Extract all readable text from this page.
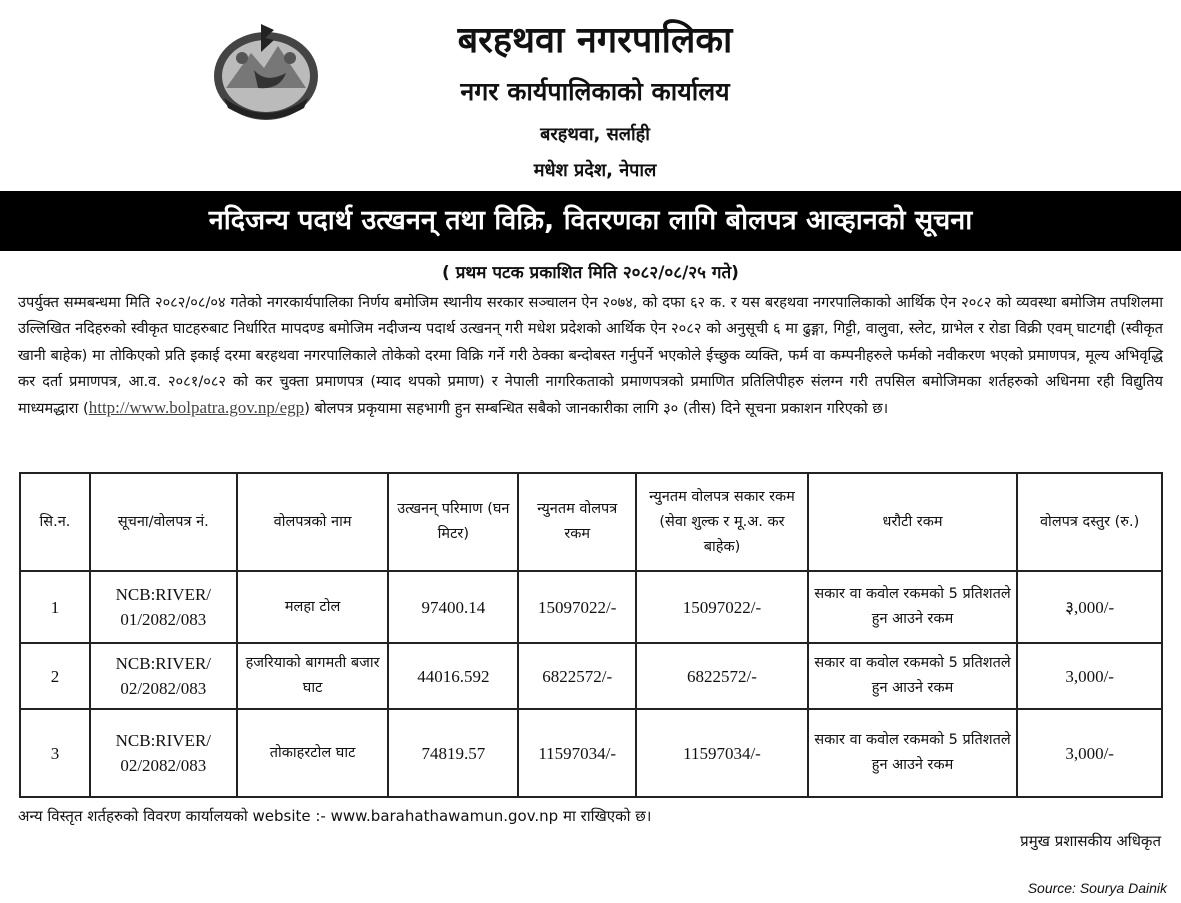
बरहथवा नगरपालिका
नगर कार्यपालिकाको कार्यालय
बरहथवा, सर्लाही
मधेश प्रदेश, नेपाल
नदिजन्य पदार्थ उत्खनन् तथा विक्रि, वितरणका लागि बोलपत्र आव्हानको सूचना
( प्रथम पटक प्रकाशित मिति २०८२/०८/२५ गते)
उपर्युक्त सम्मबन्धमा मिति २०८२/०८/०४ गतेको नगरकार्यपालिका निर्णय बमोजिम स्थानीय सरकार सञ्चालन ऐन २०७४, को दफा ६२ क. र यस बरहथवा नगरपालिकाको आर्थिक ऐन २०८२ को व्यवस्था बमोजिम तपशिलमा उल्लिखित नदिहरुको स्वीकृत घाटहरुबाट निर्धारित मापदण्ड बमोजिम नदीजन्य पदार्थ उत्खनन् गरी मधेश प्रदेशको आर्थिक ऐन २०८२ को अनुसूची ६ मा ढुङ्गा, गिट्टी, वालुवा, स्लेट, ग्राभेल र रोडा विक्री एवम् घाटगद्दी (स्वीकृत खानी बाहेक) मा तोकिएको प्रति इकाई दरमा बरहथवा नगरपालिकाले तोकेको दरमा विक्रि गर्ने गरी ठेक्का बन्दोबस्त गर्नुपर्ने भएकोले ईच्छुक व्यक्ति, फर्म वा कम्पनीहरुले फर्मको नवीकरण भएको प्रमाणपत्र, मूल्य अभिवृद्धि कर दर्ता प्रमाणपत्र, आ.व. २०८१/०८२ को कर चुक्ता प्रमाणपत्र (म्याद थपको प्रमाण) र नेपाली नागरिकताको प्रमाणपत्रको प्रमाणित प्रतिलिपीहरु संलग्न गरी तपसिल बमोजिमका शर्तहरुको अधिनमा रही विद्युतिय माध्यमद्धारा (http://www.bolpatra.gov.np/egp) बोलपत्र प्रकृयामा सहभागी हुन सम्बन्धित सबैको जानकारीका लागि ३० (तीस) दिने सूचना प्रकाशन गरिएको छ।
सि.न.	सूचना/वोलपत्र नं.	वोलपत्रको नाम	उत्खनन् परिमाण (घन मिटर)	न्युनतम वोलपत्र रकम	न्युनतम वोलपत्र सकार रकम (सेवा शुल्क र मू.अ. कर बाहेक)	धरौटी रकम	वोलपत्र दस्तुर (रु.)
1	NCB:RIVER/
01/2082/083	मलहा टोल	97400.14	15097022/-	15097022/-	सकार वा कवोल रकमको 5 प्रतिशतले हुन आउने रकम	३,000/-
2	NCB:RIVER/
02/2082/083	हजरियाको बागमती बजार घाट	44016.592	6822572/-	6822572/-	सकार वा कवोल रकमको 5 प्रतिशतले हुन आउने रकम	3,000/-
3	NCB:RIVER/
02/2082/083	तोकाहरटोल घाट	74819.57	11597034/-	11597034/-	सकार वा कवोल रकमको 5 प्रतिशतले हुन आउने रकम	3,000/-
अन्य विस्तृत शर्तहरुको विवरण कार्यालयको website :- www.barahathawamun.gov.np मा राखिएको छ।
प्रमुख प्रशासकीय अधिकृत
Source: Sourya Dainik
